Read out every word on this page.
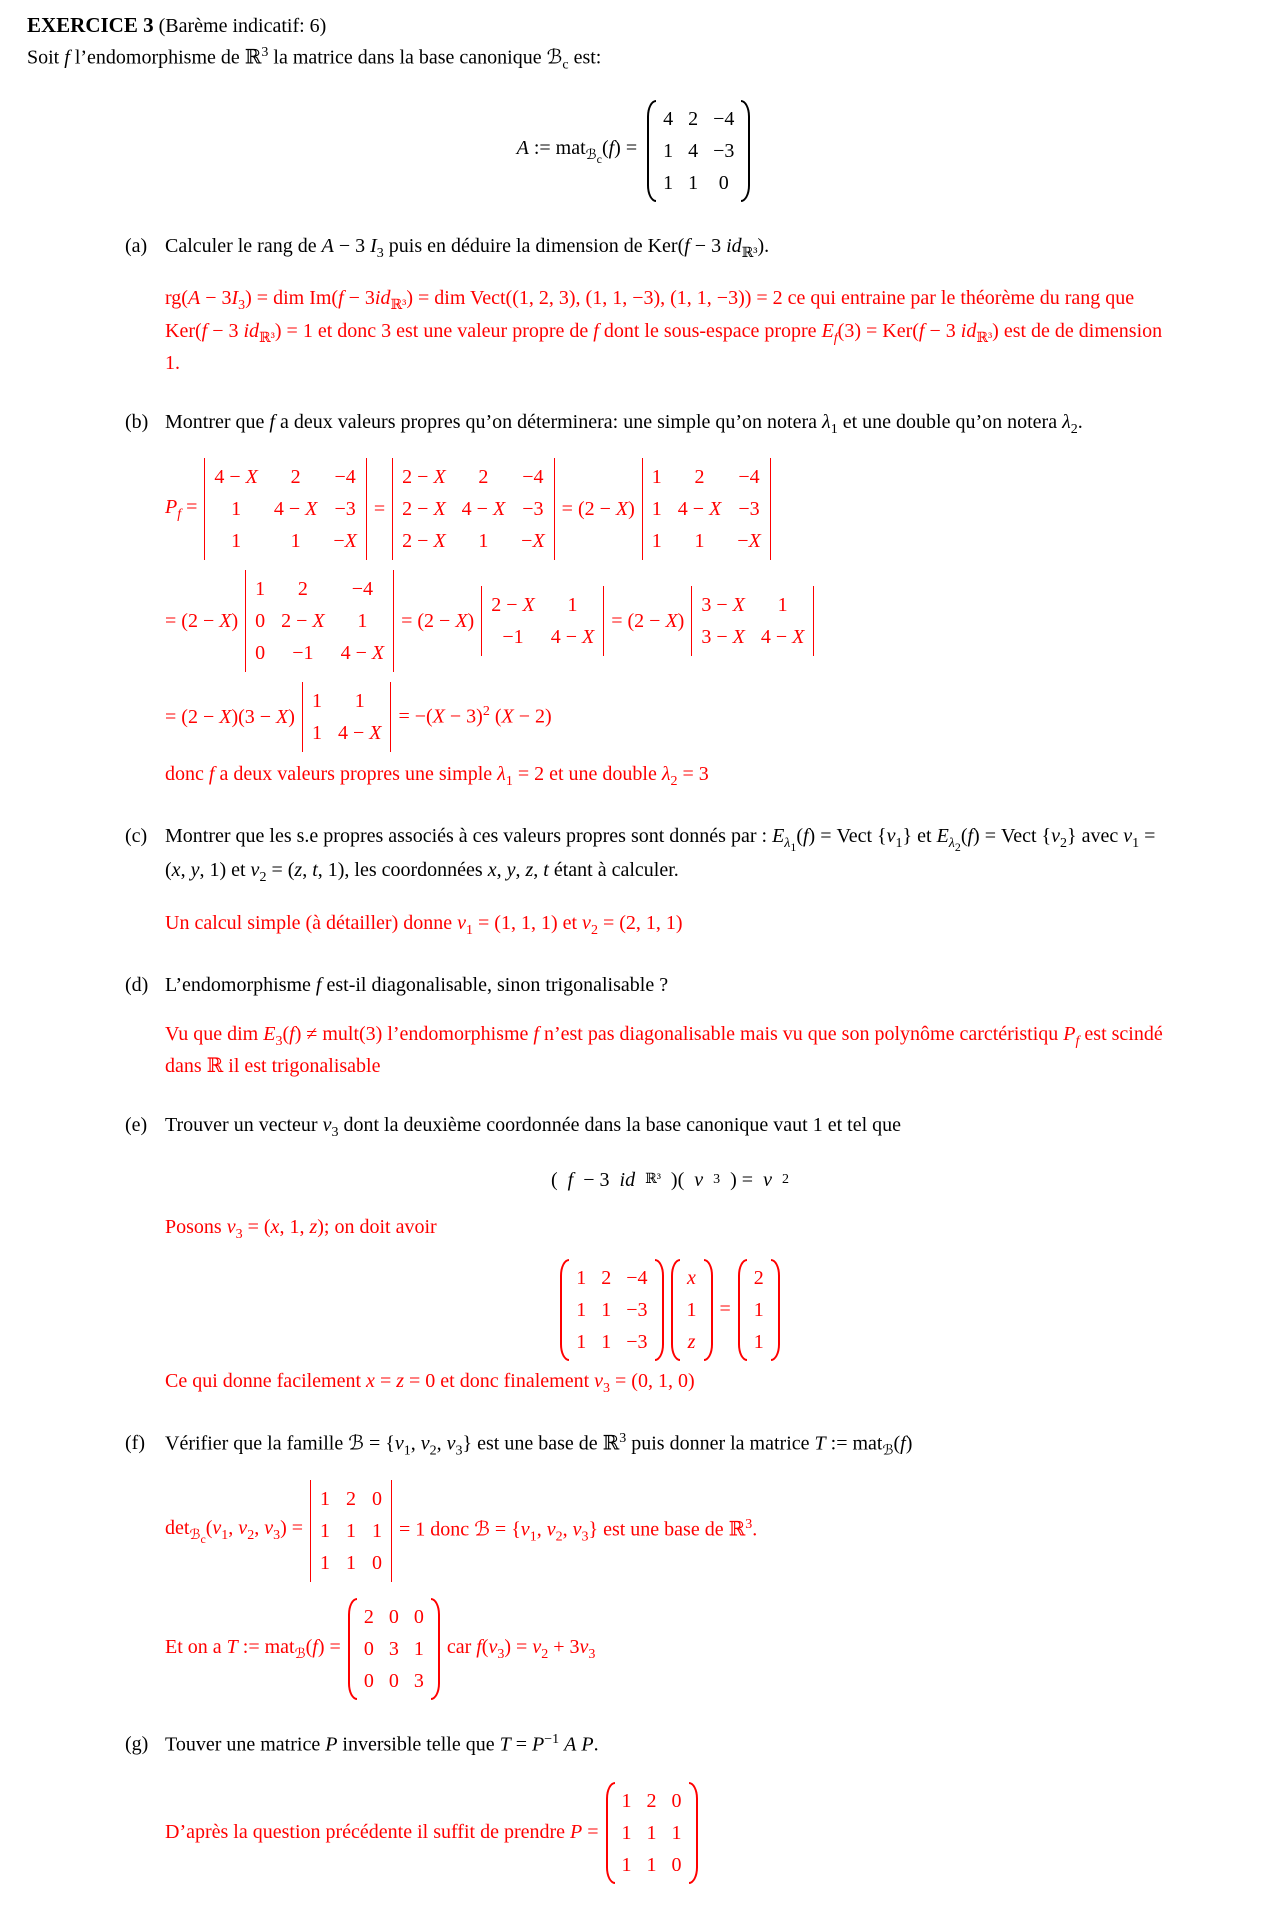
EXERCICE 3 (Barème indicatif: 6)
Soit f l’endomorphisme de ℝ$^3$ la matrice dans la base canonique ℬ$_c$ est:
A := mat$_{ℬ_c}$(f) =
4 2 −4
1 4 −3
1 1 0
(a) Calculer le rang de A − 3 $I_3$ puis en déduire la dimension de Ker(f − 3 $id_{ℝ^3}$).
$rg(A - 3I_3)$ = dim $Im(f - 3id_{ℝ^3})$ = dim Vect((1, 2, 3), (1, 1, −3), (1, 1, −3)) = 2 ce qui entraine par le théorème du rang que Ker(f − 3 $id_{ℝ^3}) = 1$ et donc 3 est une valeur propre de f dont le sous-espace propre $E_f(3) = Ker(f - 3$ $id_{ℝ^3}$) est de de dimension 1.
(b) Montrer que f a deux valeurs propres qu’on déterminera: une simple qu’on notera $\lambda_1$ et une double qu’on notera $\lambda_2$.
$P_f$ =
4 − X 2 −4
1 4 − X −3
1 1 −X
=
2 − X 2 −4
2 − X 4 − X −3
2 − X 1 −X
= (2 − X)
1 2 −4
1 4 − X −3
1 1 −X
= (2 − X)
1 2 −4
0 2 − X 1
0 −1 4 − X
= (2 − X)
2 − X 1
−1 4 − X
= (2 − X)
3 − X 1
3 − X 4 − X
= (2 − X)(3 − X)
1 1
1 4 − X
= $-(X - 3)^2$ (X − 2)
donc f a deux valeurs propres une simple $\lambda_1 = 2$ et une double $\lambda_2 = 3$
(c) Montrer que les s.e propres associés à ces valeurs propres sont donnés par : $E_{\lambda_1}(f)$ = Vect $\{v_1\}$ et $E_{\lambda_2}(f)$ = Vect $\{v_2\}$ avec $v_1 = (x$, y, 1) et $v_2 = (z$, t, 1), les coordonnées x, y, z, t étant à calculer.
Un calcul simple (à détailler) donne $v_1 = (1$, 1, 1) et $v_2 = (2$, 1, 1)
(d) L’endomorphisme f est-il diagonalisable, sinon trigonalisable ?
Vu que dim $E_3(f)$ ≠ mult(3) l’endomorphisme f n’est pas diagonalisable mais vu que son polynôme carctéristiqu $P_f$ est scindé dans ℝ il est trigonalisable
(e) Trouver un vecteur $v_3$ dont la deuxième coordonnée dans la base canonique vaut 1 et tel que
( f − 3 id ℝ³ )( v 3 ) = v 2
Posons $v_3 = (x$, 1, z); on doit avoir
1 2 −4
1 1 −3
1 1 −3
x
1
z
=
2
1
1
Ce qui donne facilement x = z = 0 et donc finalement $v_3 = (0$, 1, 0)
(f)	Vérifier que la famille ℬ = {$v_1$, $v_2$, $v_3$} est une base de ℝ$^3$ puis donner la matrice T := mat$_ℬ$(f)
$\det_{ℬ_c}(v_1$, $v_2$, $v_3$) =
1 2 0
1 1 1
1 1 0
= 1 donc ℬ = {$v_1$, $v_2$, $v_3$} est une base de ℝ$^3$.
Et on a T := mat$_ℬ$(f) =
2 0 0
0 3 1
0 0 3
car $f(v_3) = v_2 + 3v_3$
(g) Touver une matrice P inversible telle que $T = P^{-1}$ A P.
D’après la question précédente il suffit de prendre P =
1 2 0
1 1 1
1 1 0
